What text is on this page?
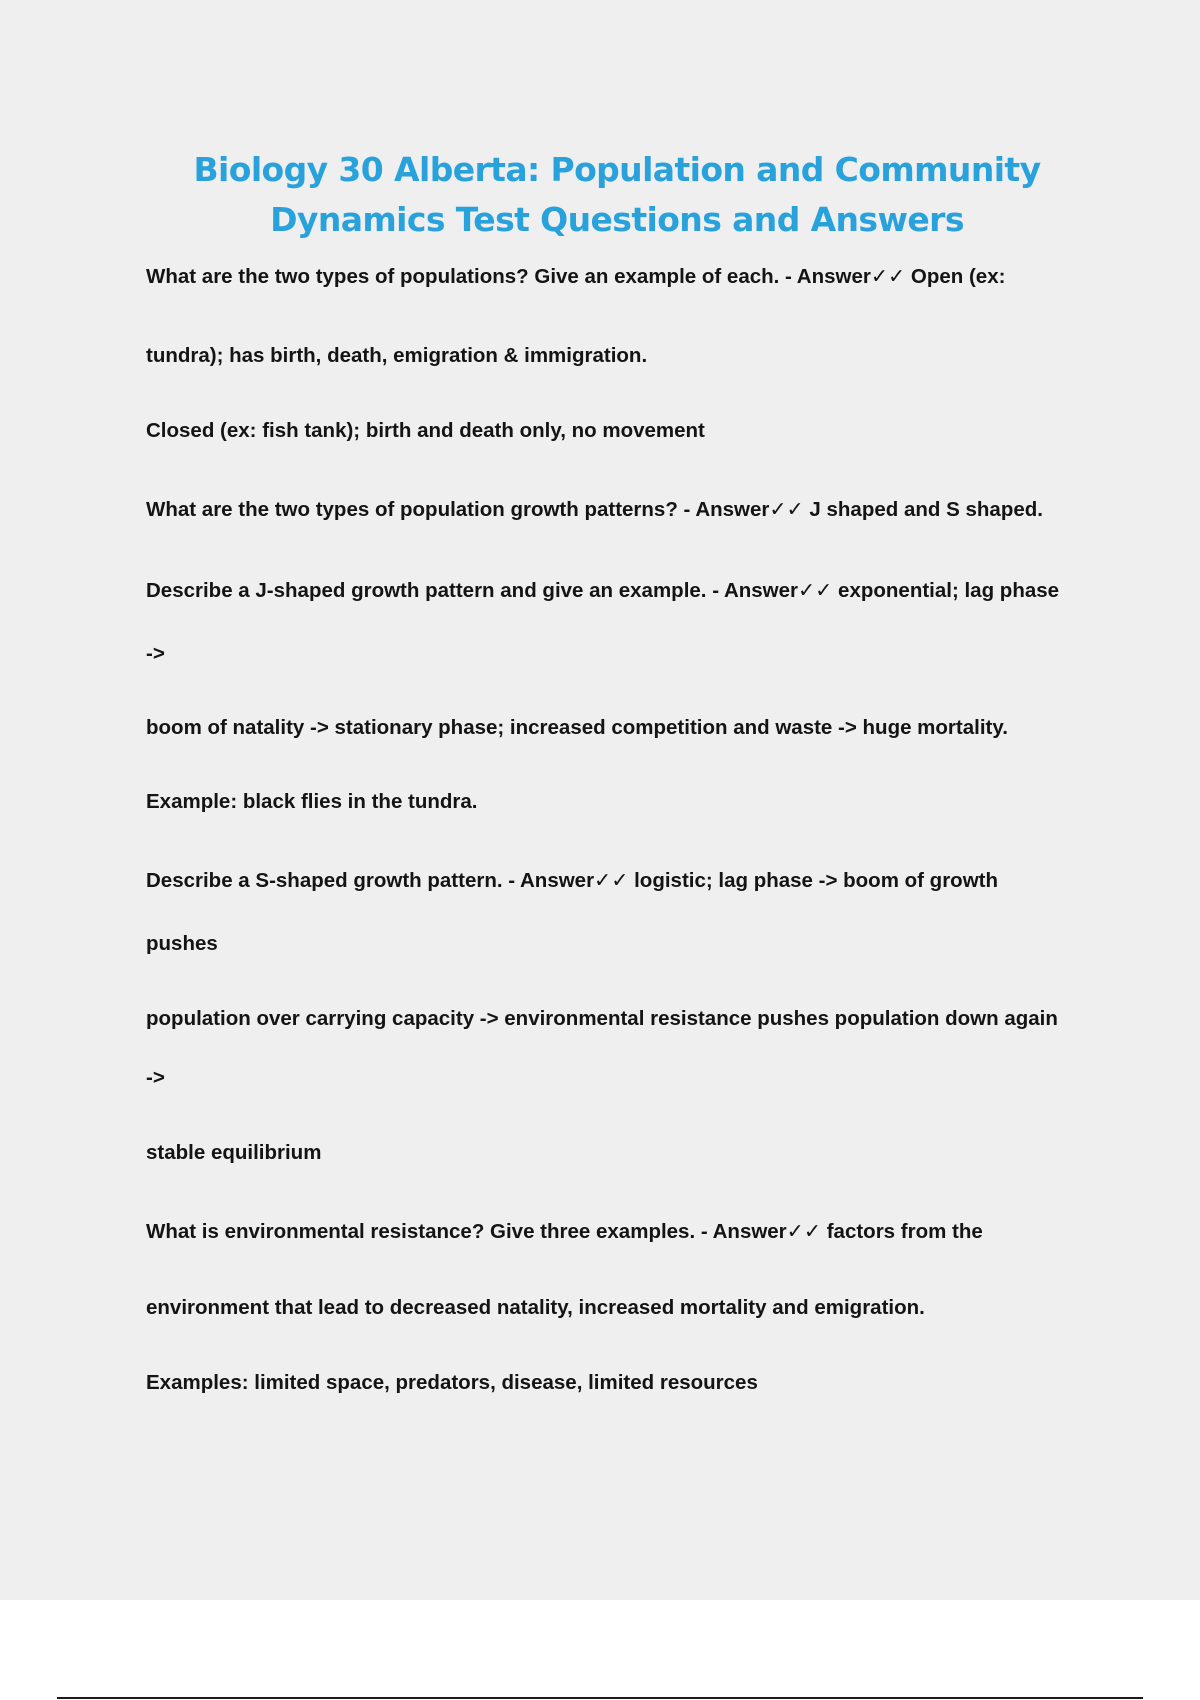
Biology 30 Alberta: Population and Community
Dynamics Test Questions and Answers
What are the two types of populations? Give an example of each. - Answer✓✓ Open (ex:
tundra); has birth, death, emigration & immigration.
Closed (ex: fish tank); birth and death only, no movement
What are the two types of population growth patterns? - Answer✓✓ J shaped and S shaped.
Describe a J-shaped growth pattern and give an example. - Answer✓✓ exponential; lag phase
->
boom of natality -> stationary phase; increased competition and waste -> huge mortality.
Example: black flies in the tundra.
Describe a S-shaped growth pattern. - Answer✓✓ logistic; lag phase -> boom of growth
pushes
population over carrying capacity -> environmental resistance pushes population down again
->
stable equilibrium
What is environmental resistance? Give three examples. - Answer✓✓ factors from the
environment that lead to decreased natality, increased mortality and emigration.
Examples: limited space, predators, disease, limited resources
